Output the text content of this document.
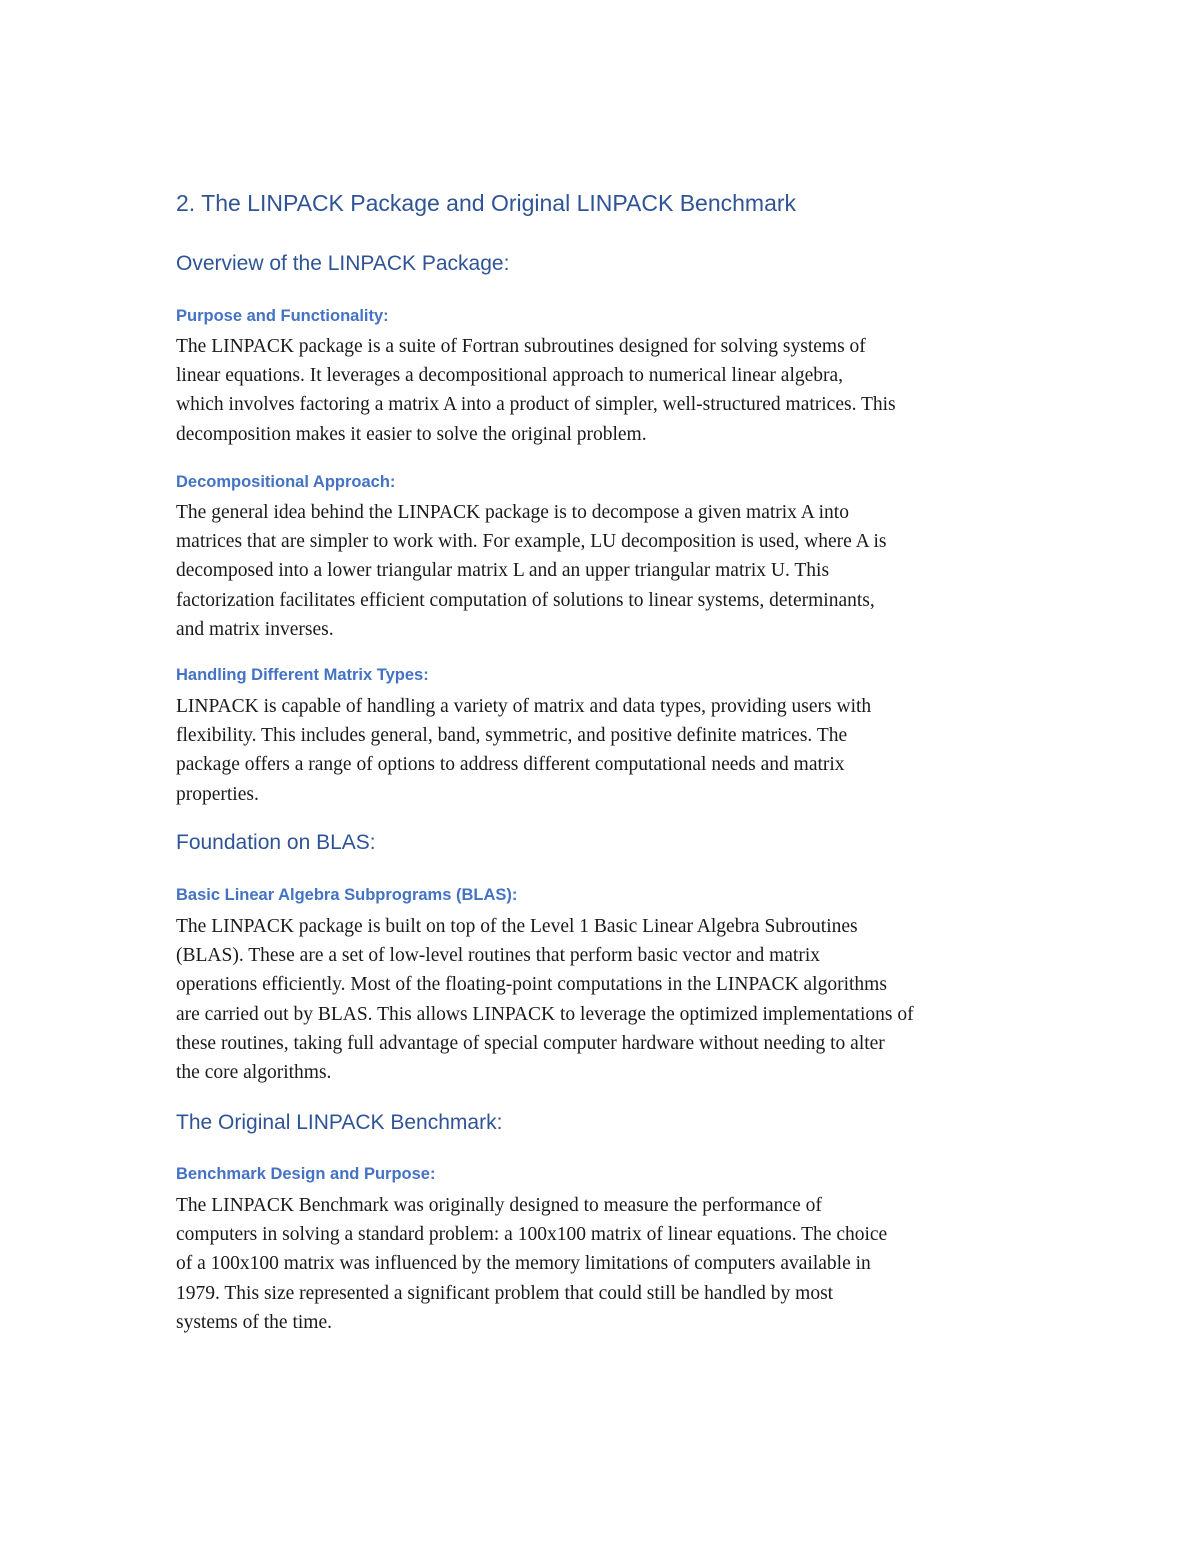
2. The LINPACK Package and Original LINPACK Benchmark
Overview of the LINPACK Package:
Purpose and Functionality:

The LINPACK package is a suite of Fortran subroutines designed for solving systems of
linear equations. It leverages a decompositional approach to numerical linear algebra,
which involves factoring a matrix A into a product of simpler, well-structured matrices. This
decomposition makes it easier to solve the original problem.

Decompositional Approach:

The general idea behind the LINPACK package is to decompose a given matrix A into
matrices that are simpler to work with. For example, LU decomposition is used, where A is
decomposed into a lower triangular matrix L and an upper triangular matrix U. This
factorization facilitates efficient computation of solutions to linear systems, determinants,
and matrix inverses.

Handling Different Matrix Types:

LINPACK is capable of handling a variety of matrix and data types, providing users with
flexibility. This includes general, band, symmetric, and positive definite matrices. The
package offers a range of options to address different computational needs and matrix
properties.

Foundation on BLAS:
Basic Linear Algebra Subprograms (BLAS):

The LINPACK package is built on top of the Level 1 Basic Linear Algebra Subroutines
(BLAS). These are a set of low-level routines that perform basic vector and matrix
operations efficiently. Most of the floating-point computations in the LINPACK algorithms
are carried out by BLAS. This allows LINPACK to leverage the optimized implementations of
these routines, taking full advantage of special computer hardware without needing to alter
the core algorithms.

The Original LINPACK Benchmark:
Benchmark Design and Purpose:

The LINPACK Benchmark was originally designed to measure the performance of
computers in solving a standard problem: a 100x100 matrix of linear equations. The choice
of a 100x100 matrix was influenced by the memory limitations of computers available in
1979. This size represented a significant problem that could still be handled by most
systems of the time.
